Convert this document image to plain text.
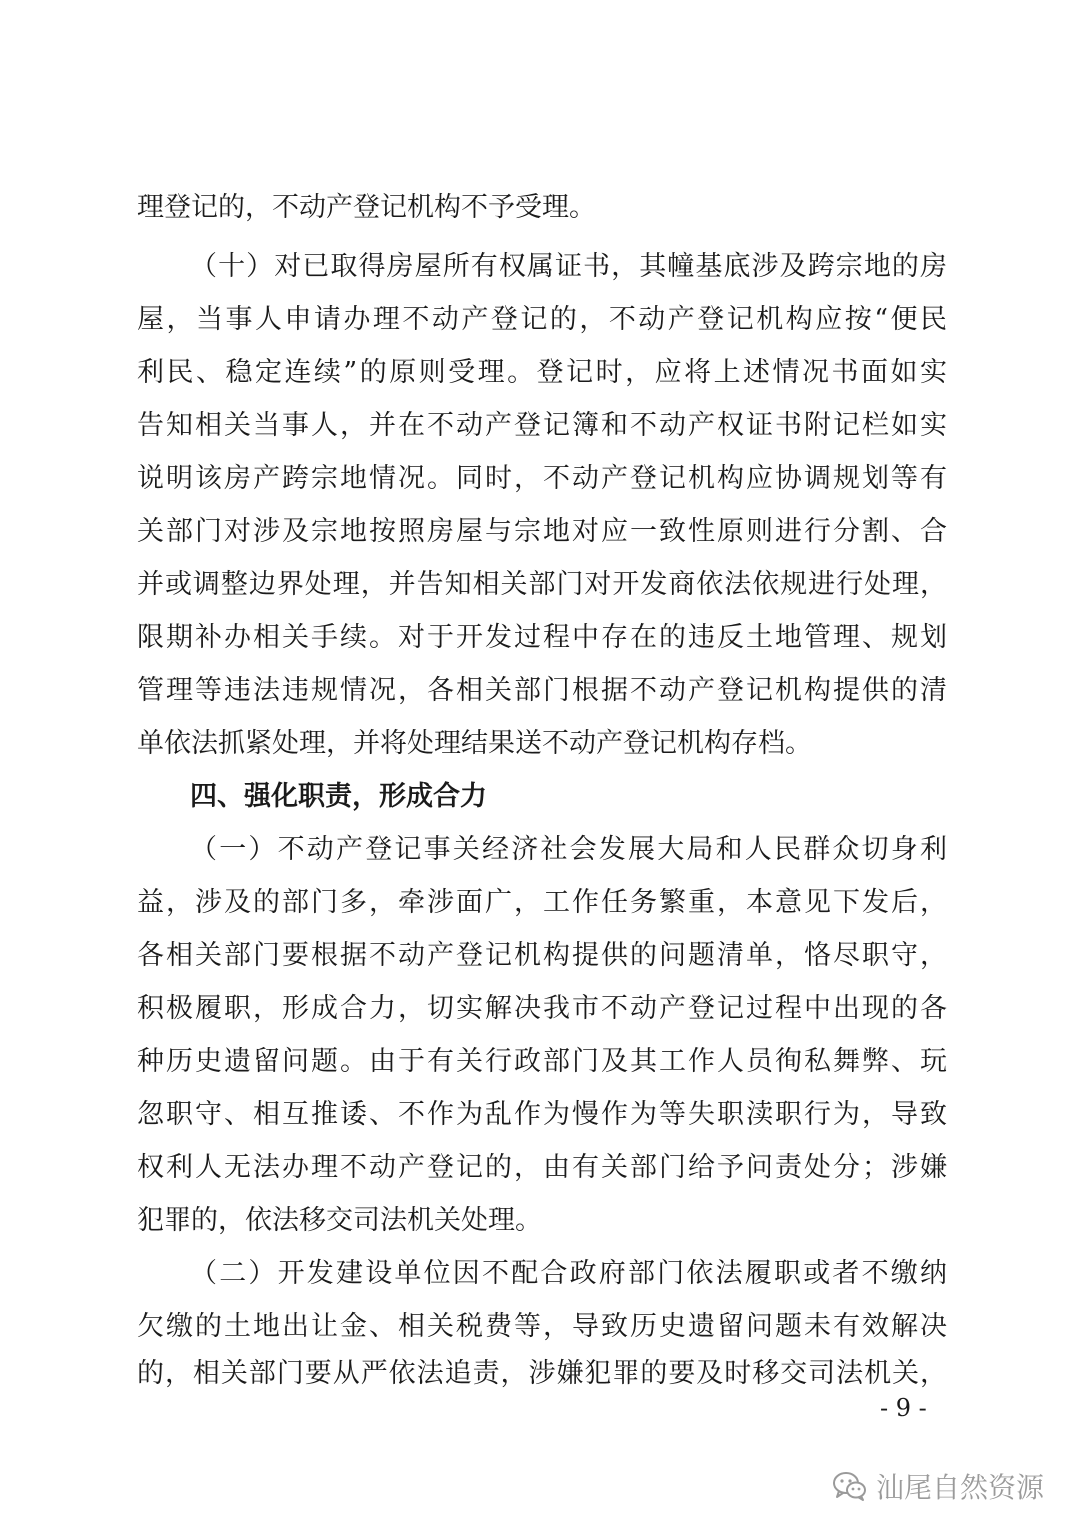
理登记的，不动产登记机构不予受理。
（十）对已取得房屋所有权属证书，其幢基底涉及跨宗地的房
屋，当事人申请办理不动产登记的，不动产登记机构应按“便民
利民、稳定连续”的原则受理。登记时，应将上述情况书面如实
告知相关当事人，并在不动产登记簿和不动产权证书附记栏如实
说明该房产跨宗地情况。同时，不动产登记机构应协调规划等有
关部门对涉及宗地按照房屋与宗地对应一致性原则进行分割、合
并或调整边界处理，并告知相关部门对开发商依法依规进行处理，
限期补办相关手续。对于开发过程中存在的违反土地管理、规划
管理等违法违规情况，各相关部门根据不动产登记机构提供的清
单依法抓紧处理，并将处理结果送不动产登记机构存档。
四、强化职责，形成合力
（一）不动产登记事关经济社会发展大局和人民群众切身利
益，涉及的部门多，牵涉面广，工作任务繁重，本意见下发后，
各相关部门要根据不动产登记机构提供的问题清单，恪尽职守，
积极履职，形成合力，切实解决我市不动产登记过程中出现的各
种历史遗留问题。由于有关行政部门及其工作人员徇私舞弊、玩
忽职守、相互推诿、不作为乱作为慢作为等失职渎职行为，导致
权利人无法办理不动产登记的，由有关部门给予问责处分；涉嫌
犯罪的，依法移交司法机关处理。
（二）开发建设单位因不配合政府部门依法履职或者不缴纳
欠缴的土地出让金、相关税费等，导致历史遗留问题未有效解决
的，相关部门要从严依法追责，涉嫌犯罪的要及时移交司法机关，
- 9 -
汕尾自然资源
